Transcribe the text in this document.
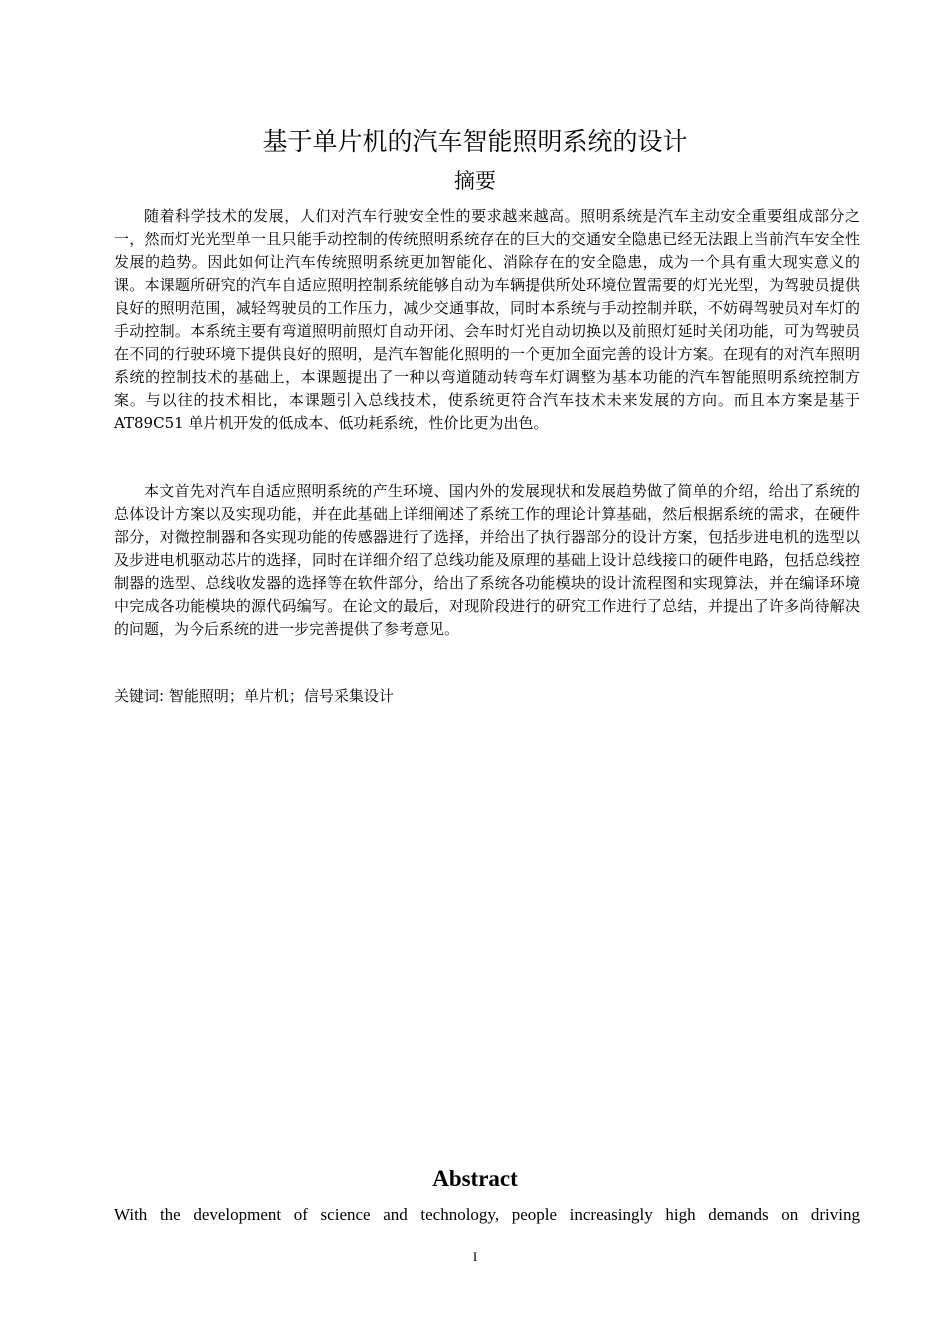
基于单片机的汽车智能照明系统的设计
摘要
随着科学技术的发展，人们对汽车行驶安全性的要求越来越高。照明系统是汽车主动安全重要组成部分之一，然而灯光光型单一且只能手动控制的传统照明系统存在的巨大的交通安全隐患已经无法跟上当前汽车安全性发展的趋势。因此如何让汽车传统照明系统更加智能化、消除存在的安全隐患，成为一个具有重大现实意义的课。本课题所研究的汽车自适应照明控制系统能够自动为车辆提供所处环境位置需要的灯光光型，为驾驶员提供良好的照明范围，减轻驾驶员的工作压力，减少交通事故，同时本系统与手动控制并联，不妨碍驾驶员对车灯的手动控制。本系统主要有弯道照明前照灯自动开闭、会车时灯光自动切换以及前照灯延时关闭功能，可为驾驶员在不同的行驶环境下提供良好的照明，是汽车智能化照明的一个更加全面完善的设计方案。在现有的对汽车照明系统的控制技术的基础上，本课题提出了一种以弯道随动转弯车灯调整为基本功能的汽车智能照明系统控制方案。与以往的技术相比，本课题引入总线技术，使系统更符合汽车技术未来发展的方向。而且本方案是基于 AT89C51 单片机开发的低成本、低功耗系统，性价比更为出色。
本文首先对汽车自适应照明系统的产生环境、国内外的发展现状和发展趋势做了简单的介绍，给出了系统的总体设计方案以及实现功能，并在此基础上详细阐述了系统工作的理论计算基础，然后根据系统的需求，在硬件部分，对微控制器和各实现功能的传感器进行了选择，并给出了执行器部分的设计方案，包括步进电机的选型以及步进电机驱动芯片的选择，同时在详细介绍了总线功能及原理的基础上设计总线接口的硬件电路，包括总线控制器的选型、总线收发器的选择等在软件部分，给出了系统各功能模块的设计流程图和实现算法，并在编译环境中完成各功能模块的源代码编写。在论文的最后，对现阶段进行的研究工作进行了总结，并提出了许多尚待解决的问题，为今后系统的进一步完善提供了参考意见。
关键词: 智能照明；单片机；信号采集设计
Abstract
With the development of science and technology, people increasingly high demands on driving
I
